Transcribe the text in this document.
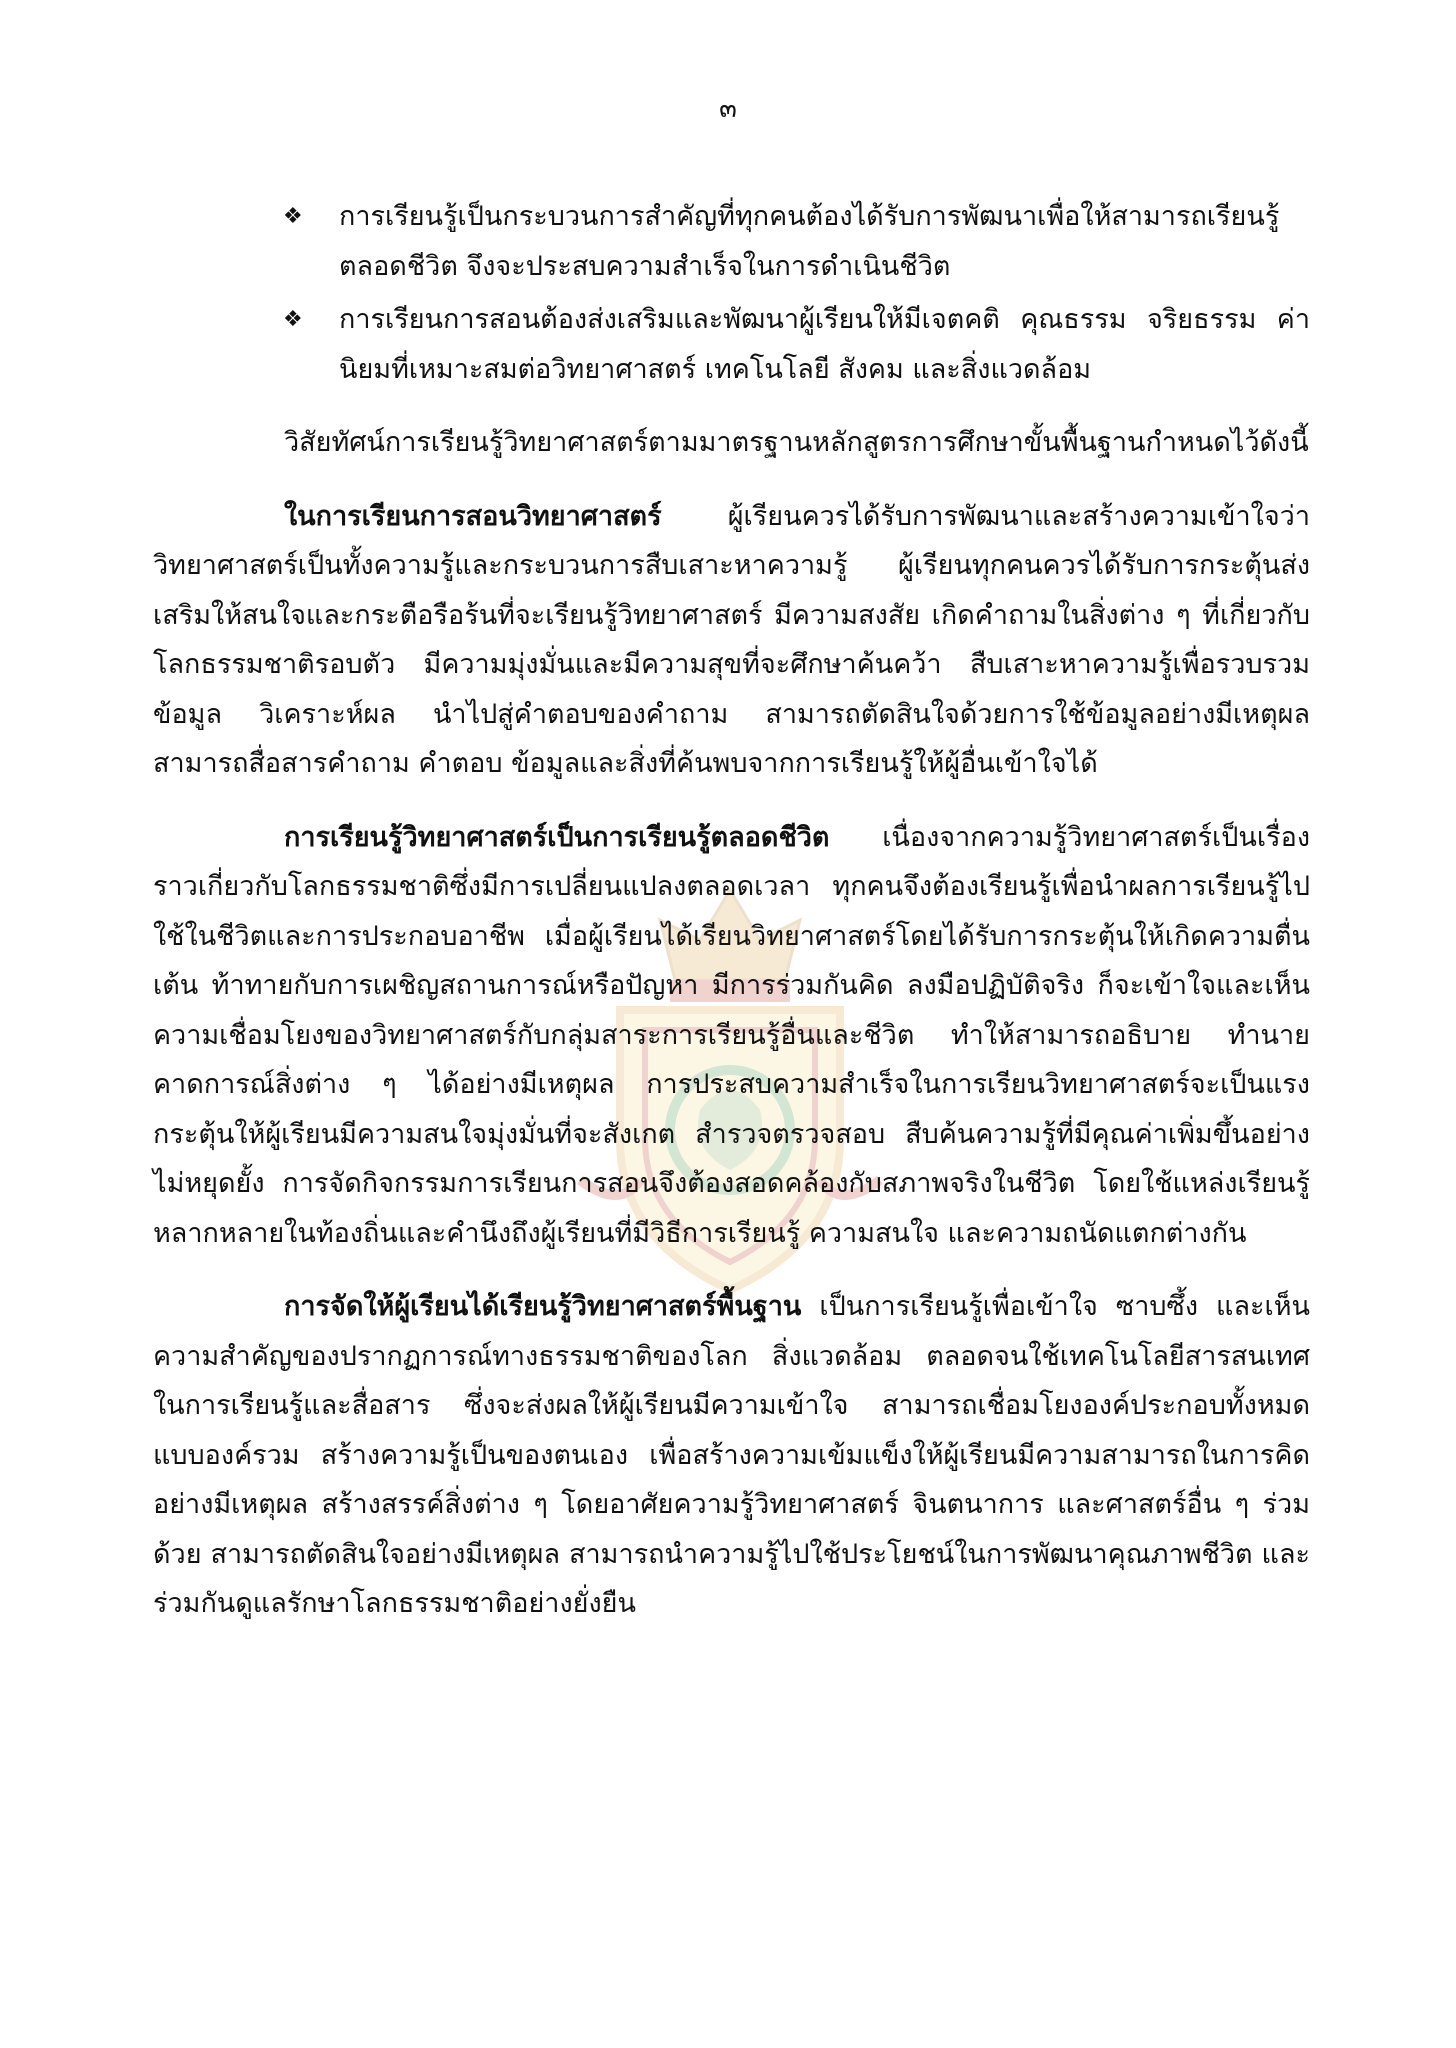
๓
❖ การเรียนรู้เป็นกระบวนการสำคัญที่ทุกคนต้องได้รับการพัฒนาเพื่อให้สามารถเรียนรู้ตลอดชีวิต จึงจะประสบความสำเร็จในการดำเนินชีวิต
❖ การเรียนการสอนต้องส่งเสริมและพัฒนาผู้เรียนให้มีเจตคติ คุณธรรม จริยธรรม ค่านิยมที่เหมาะสมต่อวิทยาศาสตร์ เทคโนโลยี สังคม และสิ่งแวดล้อม

วิสัยทัศน์การเรียนรู้วิทยาศาสตร์ตามมาตรฐานหลักสูตรการศึกษาขั้นพื้นฐานกำหนดไว้ดังนี้

ในการเรียนการสอนวิทยาศาสตร์ ผู้เรียนควรได้รับการพัฒนาและสร้างความเข้าใจว่าวิทยาศาสตร์เป็นทั้งความรู้และกระบวนการสืบเสาะหาความรู้ ผู้เรียนทุกคนควรได้รับการกระตุ้นส่งเสริมให้สนใจและกระตือรือร้นที่จะเรียนรู้วิทยาศาสตร์ มีความสงสัย เกิดคำถามในสิ่งต่าง ๆ ที่เกี่ยวกับโลกธรรมชาติรอบตัว มีความมุ่งมั่นและมีความสุขที่จะศึกษาค้นคว้า สืบเสาะหาความรู้เพื่อรวบรวมข้อมูล วิเคราะห์ผล นำไปสู่คำตอบของคำถาม สามารถตัดสินใจด้วยการใช้ข้อมูลอย่างมีเหตุผล สามารถสื่อสารคำถาม คำตอบ ข้อมูลและสิ่งที่ค้นพบจากการเรียนรู้ให้ผู้อื่นเข้าใจได้

การเรียนรู้วิทยาศาสตร์เป็นการเรียนรู้ตลอดชีวิต เนื่องจากความรู้วิทยาศาสตร์เป็นเรื่องราวเกี่ยวกับโลกธรรมชาติซึ่งมีการเปลี่ยนแปลงตลอดเวลา ทุกคนจึงต้องเรียนรู้เพื่อนำผลการเรียนรู้ไปใช้ในชีวิตและการประกอบอาชีพ เมื่อผู้เรียนได้เรียนวิทยาศาสตร์โดยได้รับการกระตุ้นให้เกิดความตื่นเต้น ท้าทายกับการเผชิญสถานการณ์หรือปัญหา มีการร่วมกันคิด ลงมือปฏิบัติจริง ก็จะเข้าใจและเห็นความเชื่อมโยงของวิทยาศาสตร์กับกลุ่มสาระการเรียนรู้อื่นและชีวิต ทำให้สามารถอธิบาย ทำนาย คาดการณ์สิ่งต่าง ๆ ได้อย่างมีเหตุผล การประสบความสำเร็จในการเรียนวิทยาศาสตร์จะเป็นแรงกระตุ้นให้ผู้เรียนมีความสนใจมุ่งมั่นที่จะสังเกต สำรวจตรวจสอบ สืบค้นความรู้ที่มีคุณค่าเพิ่มขึ้นอย่างไม่หยุดยั้ง การจัดกิจกรรมการเรียนการสอนจึงต้องสอดคล้องกับสภาพจริงในชีวิต โดยใช้แหล่งเรียนรู้หลากหลายในท้องถิ่นและคำนึงถึงผู้เรียนที่มีวิธีการเรียนรู้ ความสนใจ และความถนัดแตกต่างกัน

การจัดให้ผู้เรียนได้เรียนรู้วิทยาศาสตร์พื้นฐาน เป็นการเรียนรู้เพื่อเข้าใจ ซาบซึ้ง และเห็นความสำคัญของปรากฏการณ์ทางธรรมชาติของโลก สิ่งแวดล้อม ตลอดจนใช้เทคโนโลยีสารสนเทศในการเรียนรู้และสื่อสาร ซึ่งจะส่งผลให้ผู้เรียนมีความเข้าใจ สามารถเชื่อมโยงองค์ประกอบทั้งหมดแบบองค์รวม สร้างความรู้เป็นของตนเอง เพื่อสร้างความเข้มแข็งให้ผู้เรียนมีความสามารถในการคิดอย่างมีเหตุผล สร้างสรรค์สิ่งต่าง ๆ โดยอาศัยความรู้วิทยาศาสตร์ จินตนาการ และศาสตร์อื่น ๆ ร่วมด้วย สามารถตัดสินใจอย่างมีเหตุผล สามารถนำความรู้ไปใช้ประโยชน์ในการพัฒนาคุณภาพชีวิต และร่วมกันดูแลรักษาโลกธรรมชาติอย่างยั่งยืน
